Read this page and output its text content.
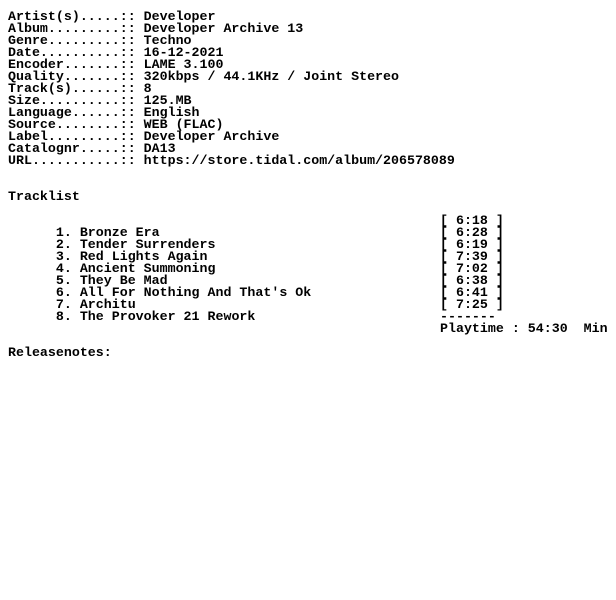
Artist(s).....:: Developer
Album.........:: Developer Archive 13
Genre.........:: Techno
Date..........:: 16-12-2021
Encoder.......:: LAME 3.100
Quality.......:: 320kbps / 44.1KHz / Joint Stereo
Track(s)......:: 8
Size..........:: 125.MB
Language......:: English
Source........:: WEB (FLAC)
Label.........:: Developer Archive
Catalognr.....:: DA13
URL...........:: https://store.tidal.com/album/206578089
Tracklist

1. Bronze Era

[ 6:18 ]

2. Tender Surrenders

[ 6:28 ]

3. Red Lights Again

[ 6:19 ]

4. Ancient Summoning

[ 7:39 ]

5. They Be Mad

[ 7:02 ]

6. All For Nothing And That's Ok

[ 6:38 ]

7. Architu

[ 6:41 ]

8. The Provoker 21 Rework

[ 7:25 ]

-------
Playtime : 54:30  Min
Releasenotes:
